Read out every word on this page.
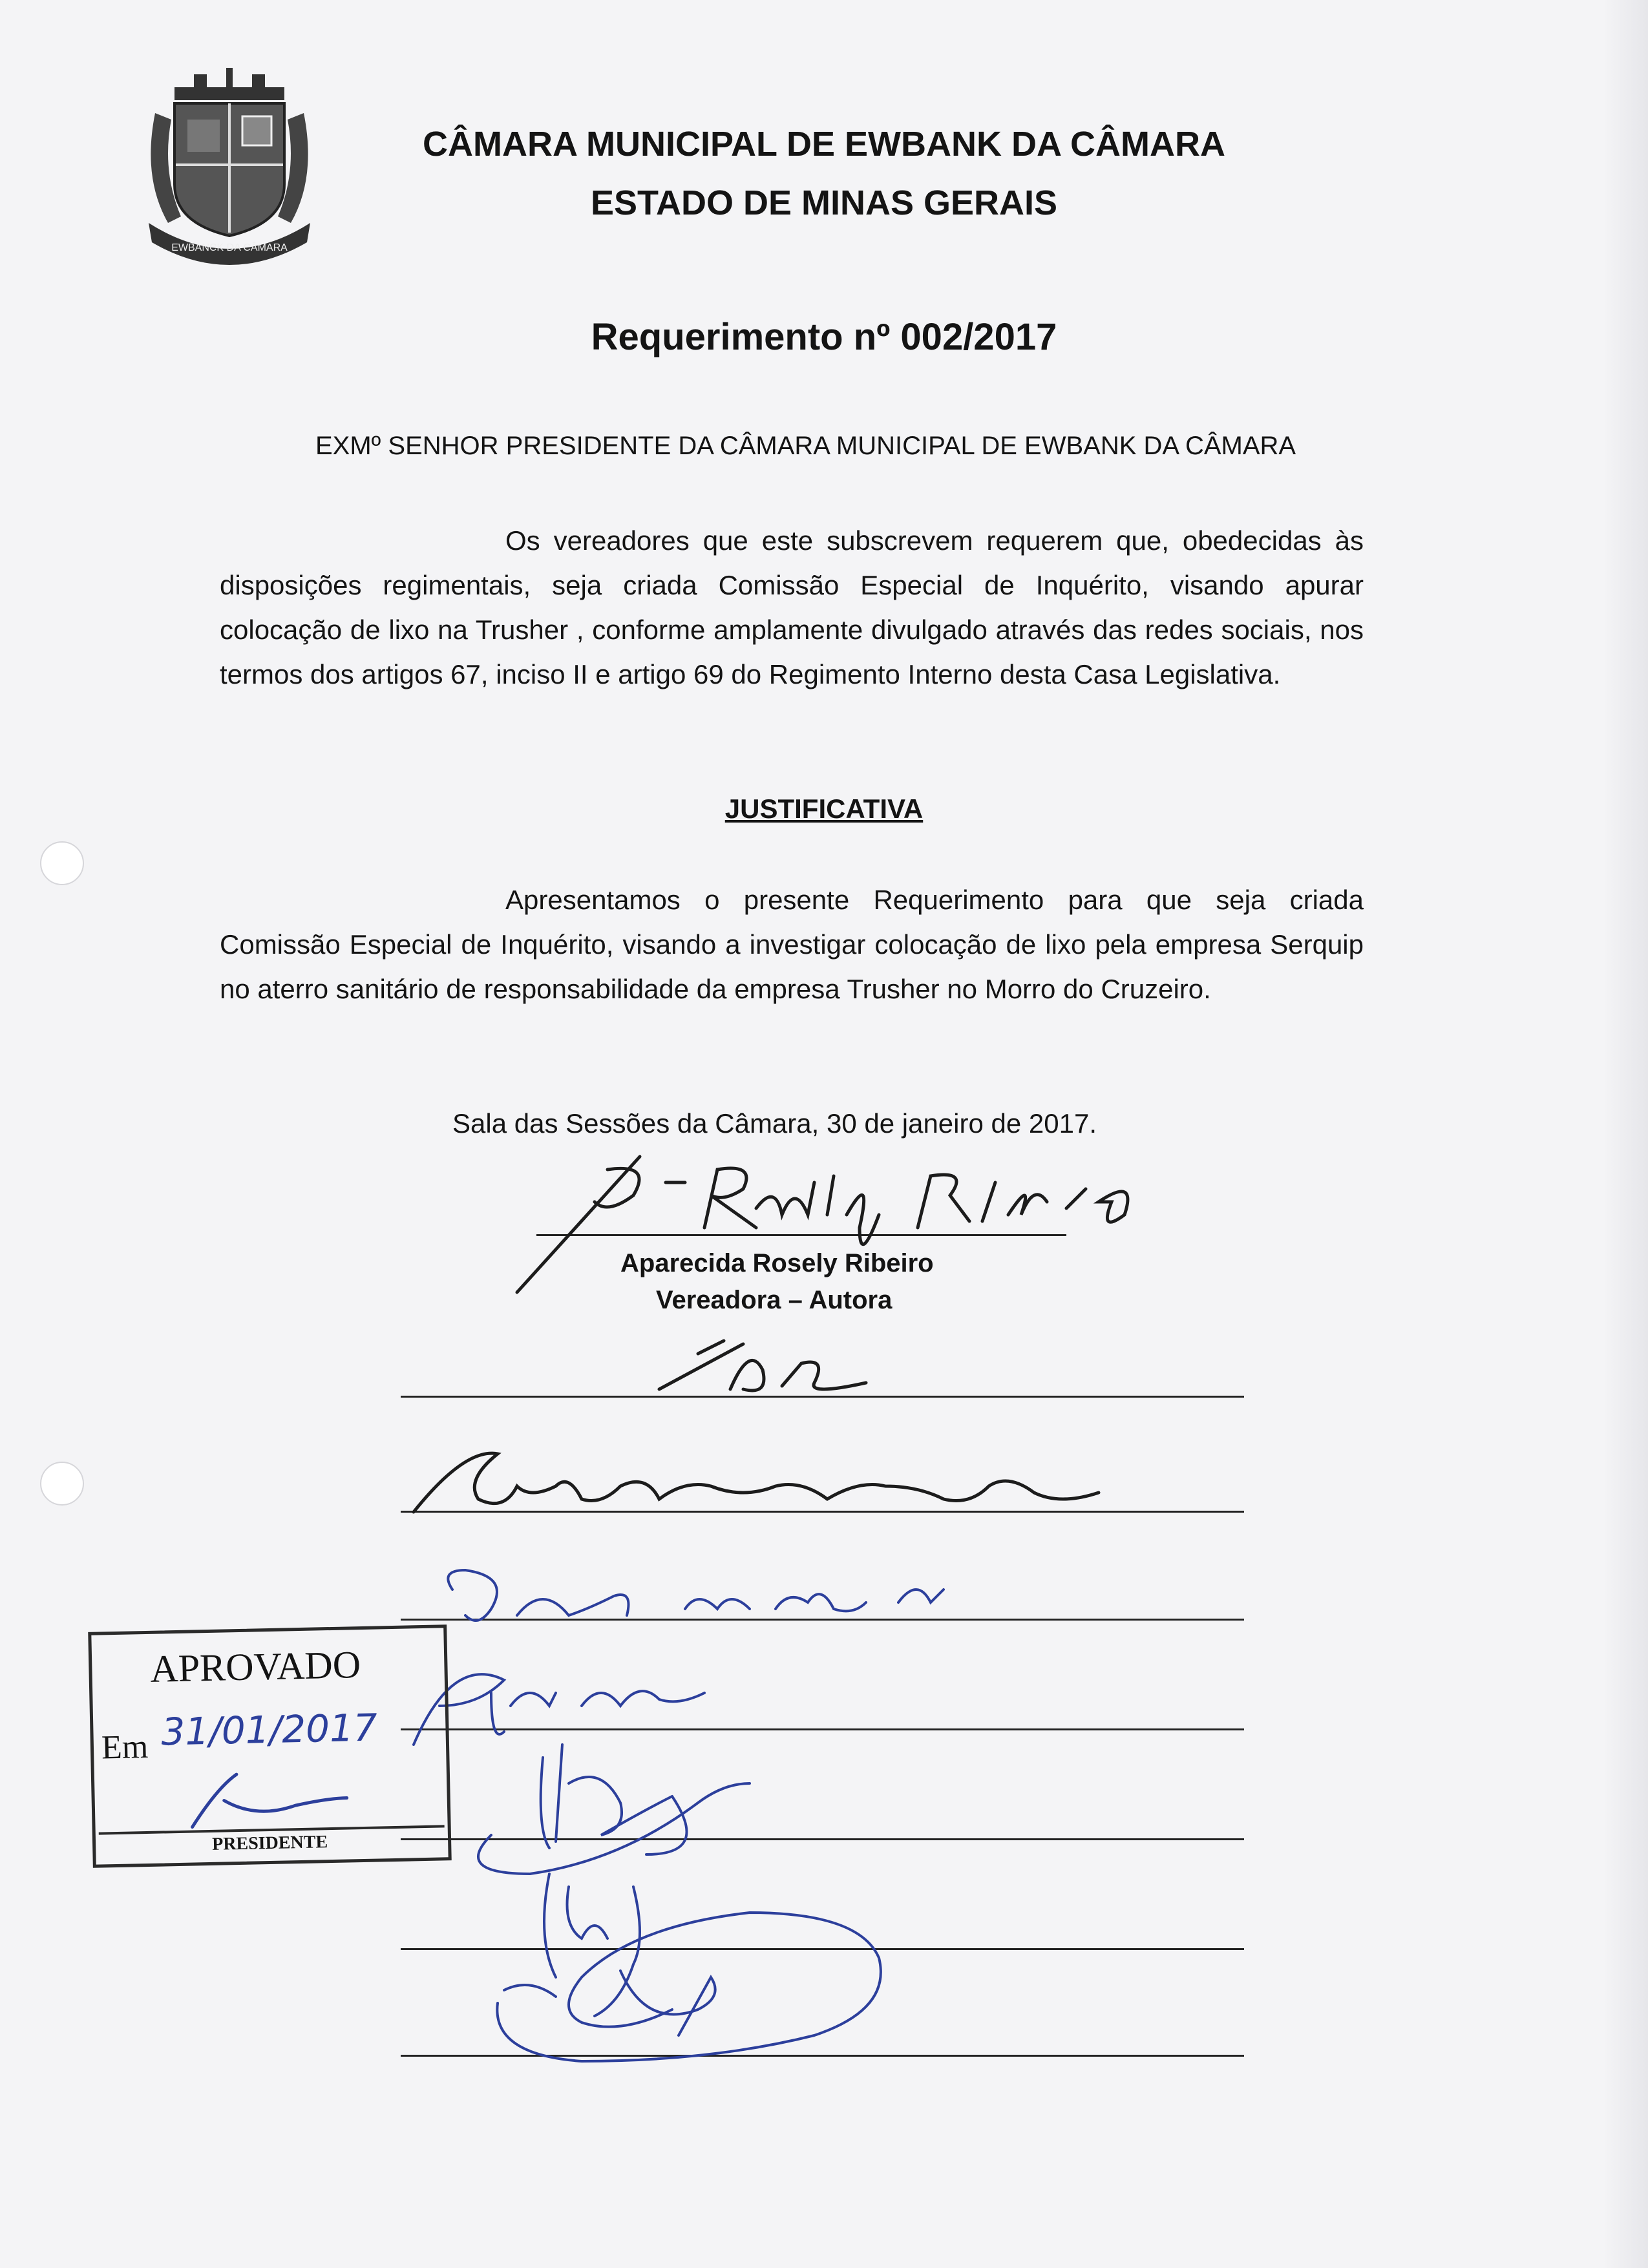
EWBANCK DA CÂMARA
CÂMARA MUNICIPAL DE EWBANK DA CÂMARA
ESTADO DE MINAS GERAIS
Requerimento nº 002/2017
EXMº SENHOR PRESIDENTE DA CÂMARA MUNICIPAL DE EWBANK DA CÂMARA
Os vereadores que este subscrevem requerem que, obedecidas às disposições regimentais, seja criada Comissão Especial de Inquérito, visando apurar colocação de lixo na Trusher , conforme amplamente divulgado através das redes sociais, nos termos dos artigos 67, inciso II e artigo 69 do Regimento Interno desta Casa Legislativa.
JUSTIFICATIVA
Apresentamos o presente Requerimento para que seja criada Comissão Especial de Inquérito, visando a investigar colocação de lixo pela empresa Serquip no aterro sanitário de responsabilidade da empresa Trusher no Morro do Cruzeiro.
Sala das Sessões da Câmara, 30 de janeiro de 2017.
Aparecida Rosely Ribeiro
Vereadora – Autora
APROVADO
Em 31/01/2017
PRESIDENTE
